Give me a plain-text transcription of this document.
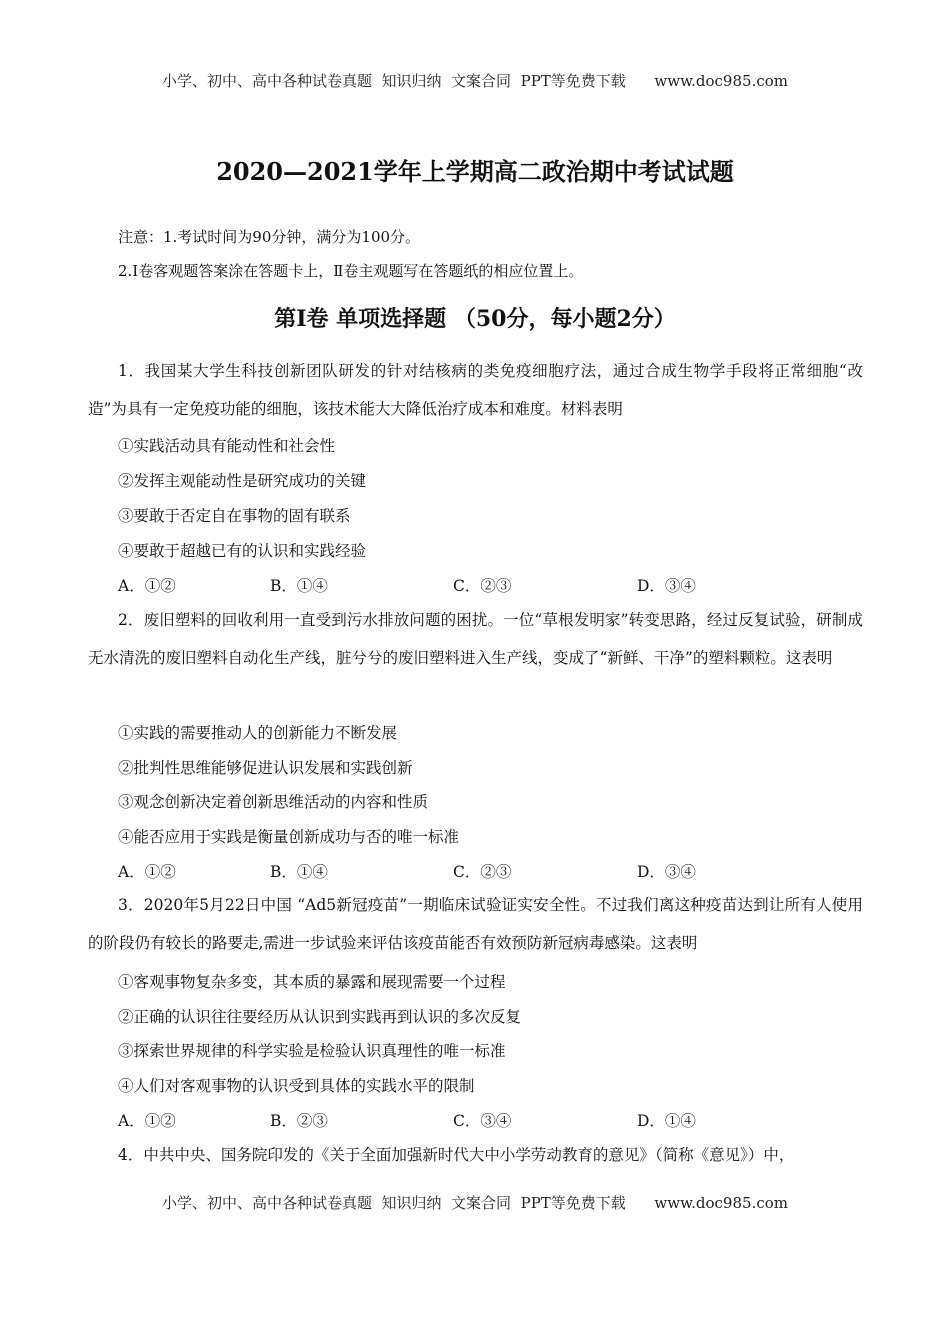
小学、初中、高中各种试卷真题  知识归纳  文案合同  PPT等免费下载      www.doc985.com
2020—2021学年上学期高二政治期中考试试题
注意：1.考试时间为90分钟，满分为100分。
2.I卷客观题答案涂在答题卡上，Ⅱ卷主观题写在答题纸的相应位置上。
第Ⅰ卷 单项选择题 （50分，每小题2分）
1．我国某大学生科技创新团队研发的针对结核病的类免疫细胞疗法，通过合成生物学手段将正常细胞“改造”为具有一定免疫功能的细胞，该技术能大大降低治疗成本和难度。材料表明
①实践活动具有能动性和社会性
②发挥主观能动性是研究成功的关键
③要敢于否定自在事物的固有联系
④要敢于超越已有的认识和实践经验
A．①②	B．①④	C．②③	D．③④
2．废旧塑料的回收利用一直受到污水排放问题的困扰。一位“草根发明家”转变思路，经过反复试验，研制成无水清洗的废旧塑料自动化生产线，脏兮兮的废旧塑料进入生产线，变成了“新鲜、干净”的塑料颗粒。这表明
①实践的需要推动人的创新能力不断发展
②批判性思维能够促进认识发展和实践创新
③观念创新决定着创新思维活动的内容和性质
④能否应用于实践是衡量创新成功与否的唯一标准
A．①②	B．①④	C．②③	D．③④
3．2020年5月22日中国 “Ad5新冠疫苗”一期临床试验证实安全性。不过我们离这种疫苗达到让所有人使用的阶段仍有较长的路要走,需进一步试验来评估该疫苗能否有效预防新冠病毒感染。这表明
①客观事物复杂多变，其本质的暴露和展现需要一个过程
②正确的认识往往要经历从认识到实践再到认识的多次反复
③探索世界规律的科学实验是检验认识真理性的唯一标准
④人们对客观事物的认识受到具体的实践水平的限制
A．①②	B．②③	C．③④	D．①④
4．中共中央、国务院印发的《关于全面加强新时代大中小学劳动教育的意见》（简称《意见》）中，
小学、初中、高中各种试卷真题  知识归纳  文案合同  PPT等免费下载      www.doc985.com
